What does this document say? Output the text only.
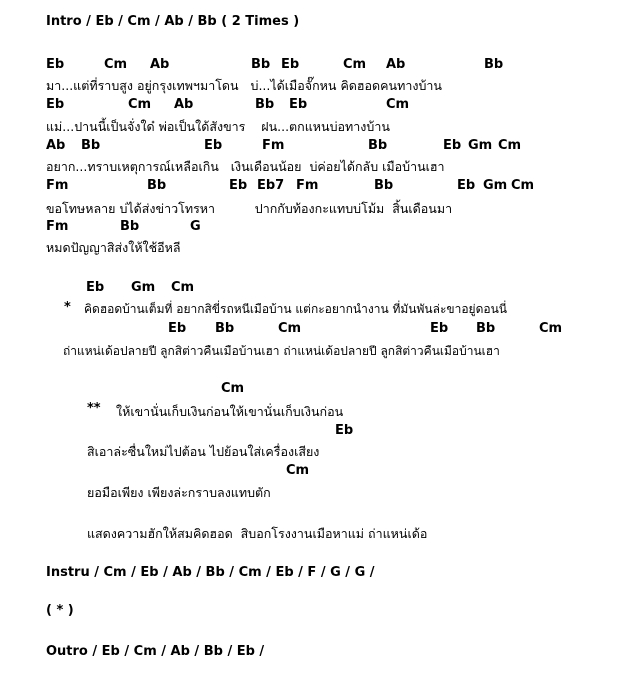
Intro / Eb / Cm / Ab / Bb ( 2 Times )
Eb	Cm Ab	Bb Eb	Cm Ab	Bb
มา...แต่ที่ราบสูง อยู่กรุงเทพฯมาโดน   บ่...ได้เมือจั๊กหน คิดฮอดคนทางบ้าน
Eb	Cm Ab	Bb Eb	Cm
แม่...ปานนี้เป็นจั่งใด๋ พ่อเป็นใด้สังขาร    ฝน...ตกแหนบ่อทางบ้าน
Ab Bb	Eb	Fm	Bb	Eb Gm Cm
อยาก...ทราบเหตุการณ์เหลือเกิน   เงินเดือนน้อย  บ่ค่อยได้กลับ เมือบ้านเฮา
Fm	Bb	Eb Eb7 Fm	Bb	Eb Gm Cm
ขอโทษหลาย บ่ได้ส่งข่าวโทรหา          ปากกับท้องกะแทบบ่โม้ม  สิ้นเดือนมา
Fm	Bb	G
หมดปัญญาสิส่งให้ใช้อีหลี
Eb Gm Cm
* คิดฮอดบ้านเต็มที่ อยากสิขี่รถหนีเมือบ้าน แต่กะอยากนำงาน ที่มันพันล่ะขาอยู่ดอนนี่
Eb Bb	Cm	Eb Bb	Cm
ถ่าแหน่เด้อปลายปี ลูกสิต่าวคืนเมือบ้านเฮา ถ่าแหน่เด้อปลายปี ลูกสิต่าวคืนเมือบ้านเฮา
Cm
** ให้เขานั่นเก็บเงินก่อนให้เขานั่นเก็บเงินก่อน
Eb
สิเอาล่ะซื่นใหม่ไปต้อน ไปย้อนใส่เครื่องเสียง
Cm
ยอมือเพียง เพียงล่ะกราบลงแทบตัก
แสดงความฮักให้สมคิดฮอด  สิบอกโรงงานเมือหาแม่ ถ่าแหน่เด้อ
Instru / Cm / Eb / Ab / Bb / Cm / Eb / F / G / G /
( * )
Outro / Eb / Cm / Ab / Bb / Eb /
